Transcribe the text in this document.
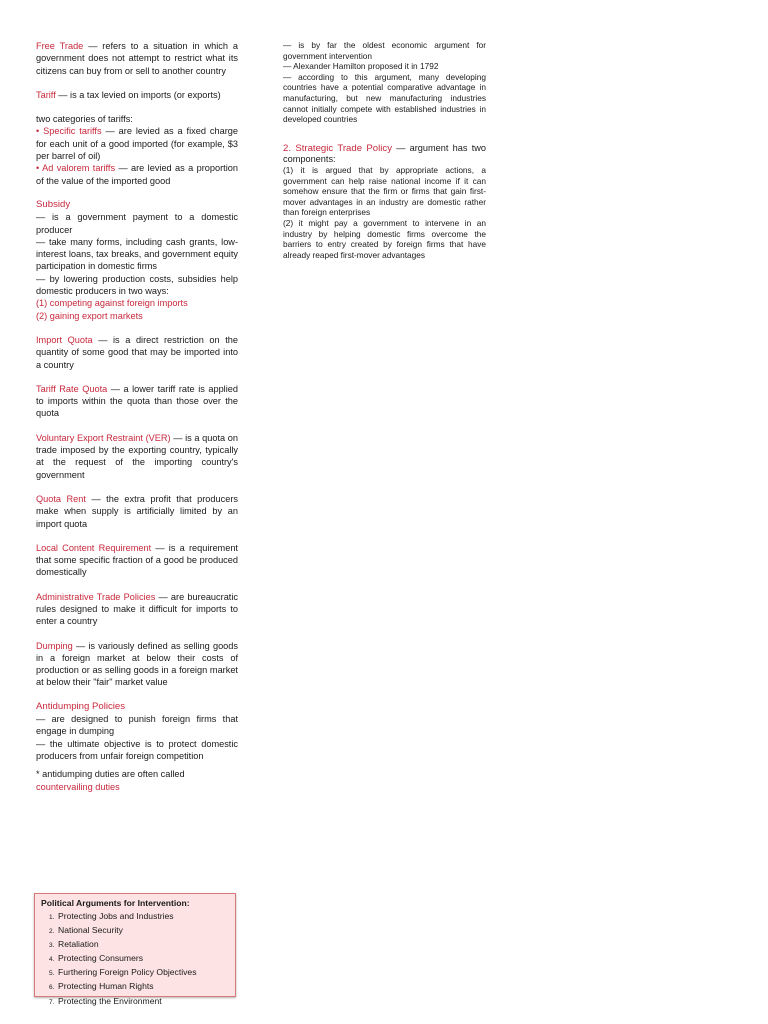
Free Trade — refers to a situation in which a government does not attempt to restrict what its citizens can buy from or sell to another country

Tariff — is a tax levied on imports (or exports)

two categories of tariffs:
• Specific tariffs — are levied as a fixed charge for each unit of a good imported (for example, $3 per barrel of oil)
• Ad valorem tariffs — are levied as a proportion of the value of the imported good

Subsidy
— is a government payment to a domestic producer
— take many forms, including cash grants, low-interest loans, tax breaks, and government equity participation in domestic firms
— by lowering production costs, subsidies help domestic producers in two ways:
(1) competing against foreign imports
(2) gaining export markets

Import Quota — is a direct restriction on the quantity of some good that may be imported into a country

Tariff Rate Quota — a lower tariff rate is applied to imports within the quota than those over the quota

Voluntary Export Restraint (VER) — is a quota on trade imposed by the exporting country, typically at the request of the importing country's government

Quota Rent — the extra profit that producers make when supply is artificially limited by an import quota

Local Content Requirement — is a requirement that some specific fraction of a good be produced domestically

Administrative Trade Policies — are bureaucratic rules designed to make it difficult for imports to enter a country

Dumping — is variously defined as selling goods in a foreign market at below their costs of production or as selling goods in a foreign market at below their "fair" market value

Antidumping Policies
— are designed to punish foreign firms that engage in dumping
— the ultimate objective is to protect domestic producers from unfair foreign competition
* antidumping duties are often called
countervailing duties

— is by far the oldest economic argument for government intervention
— Alexander Hamilton proposed it in 1792
— according to this argument, many developing countries have a potential comparative advantage in manufacturing, but new manufacturing industries cannot initially compete with established industries in developed countries

2. Strategic Trade Policy — argument has two components:
(1) it is argued that by appropriate actions, a government can help raise national income if it can somehow ensure that the firm or firms that gain first-mover advantages in an industry are domestic rather than foreign enterprises
(2) it might pay a government to intervene in an industry by helping domestic firms overcome the barriers to entry created by foreign firms that have already reaped first-mover advantages

Political Arguments for Intervention:
1. Protecting Jobs and Industries
2. National Security
3. Retaliation
4. Protecting Consumers
5. Furthering Foreign Policy Objectives
6. Protecting Human Rights
7. Protecting the Environment
